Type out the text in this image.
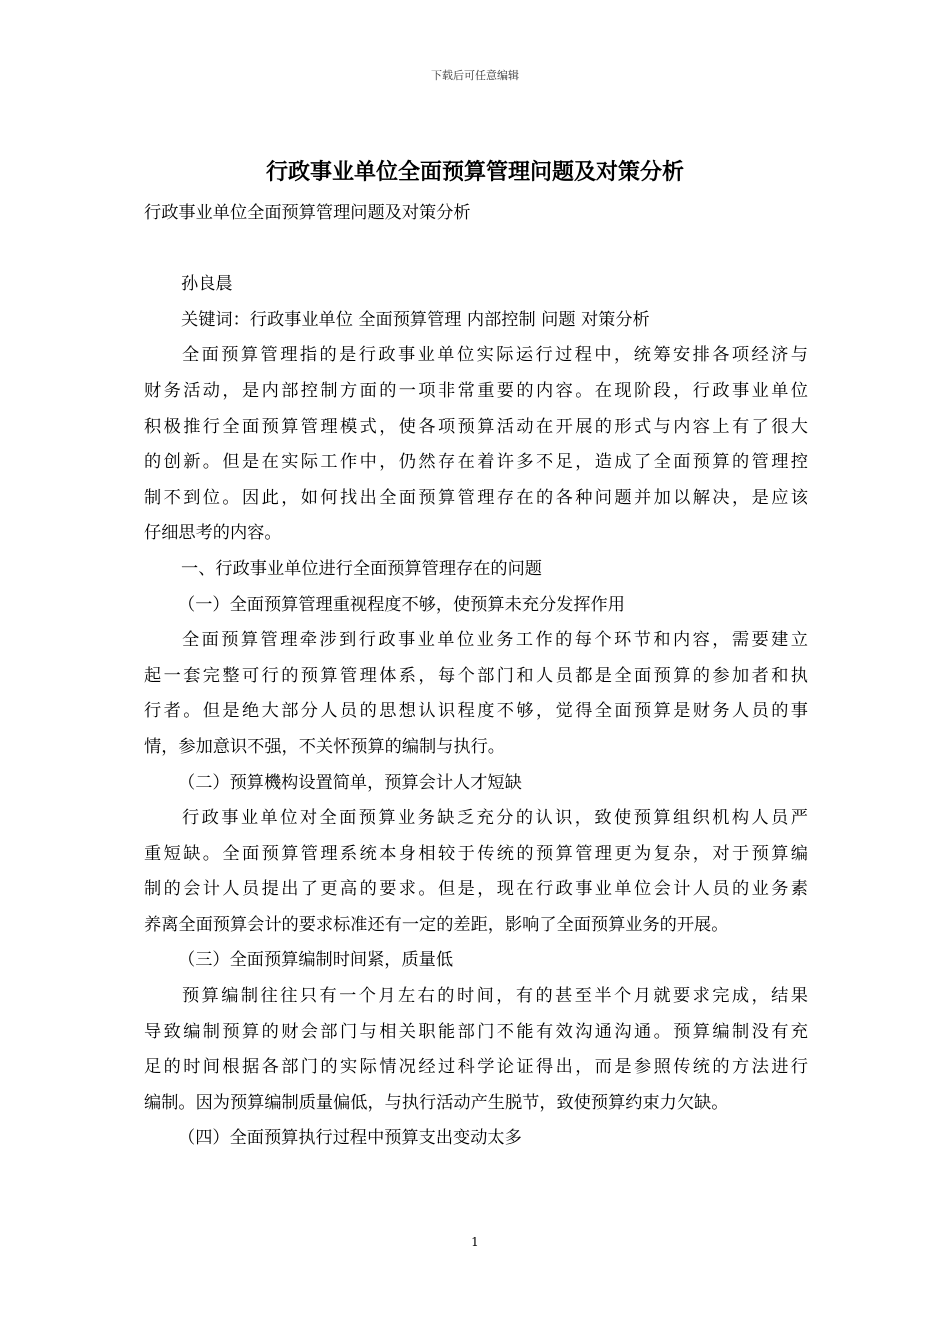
下载后可任意编辑
行政事业单位全面预算管理问题及对策分析
行政事业单位全面预算管理问题及对策分析
孙良晨
关键词：行政事业单位 全面预算管理 内部控制 问题 对策分析
全面预算管理指的是行政事业单位实际运行过程中，统筹安排各项经济与
财务活动，是内部控制方面的一项非常重要的内容。在现阶段，行政事业单位
积极推行全面预算管理模式，使各项预算活动在开展的形式与内容上有了很大
的创新。但是在实际工作中，仍然存在着许多不足，造成了全面预算的管理控
制不到位。因此，如何找出全面预算管理存在的各种问题并加以解决，是应该
仔细思考的内容。
一、行政事业单位进行全面预算管理存在的问题
（一）全面预算管理重视程度不够，使预算未充分发挥作用
全面预算管理牵涉到行政事业单位业务工作的每个环节和内容，需要建立
起一套完整可行的预算管理体系，每个部门和人员都是全面预算的参加者和执
行者。但是绝大部分人员的思想认识程度不够，觉得全面预算是财务人员的事
情，参加意识不强，不关怀预算的编制与执行。
（二）预算機构设置简单，预算会计人才短缺
行政事业单位对全面预算业务缺乏充分的认识，致使预算组织机构人员严
重短缺。全面预算管理系统本身相较于传统的预算管理更为复杂，对于预算编
制的会计人员提出了更高的要求。但是，现在行政事业单位会计人员的业务素
养离全面预算会计的要求标准还有一定的差距，影响了全面预算业务的开展。
（三）全面预算编制时间紧，质量低
预算编制往往只有一个月左右的时间，有的甚至半个月就要求完成，结果
导致编制预算的财会部门与相关职能部门不能有效沟通沟通。预算编制没有充
足的时间根据各部门的实际情况经过科学论证得出，而是参照传统的方法进行
编制。因为预算编制质量偏低，与执行活动产生脱节，致使预算约束力欠缺。
（四）全面预算执行过程中预算支出变动太多
1
